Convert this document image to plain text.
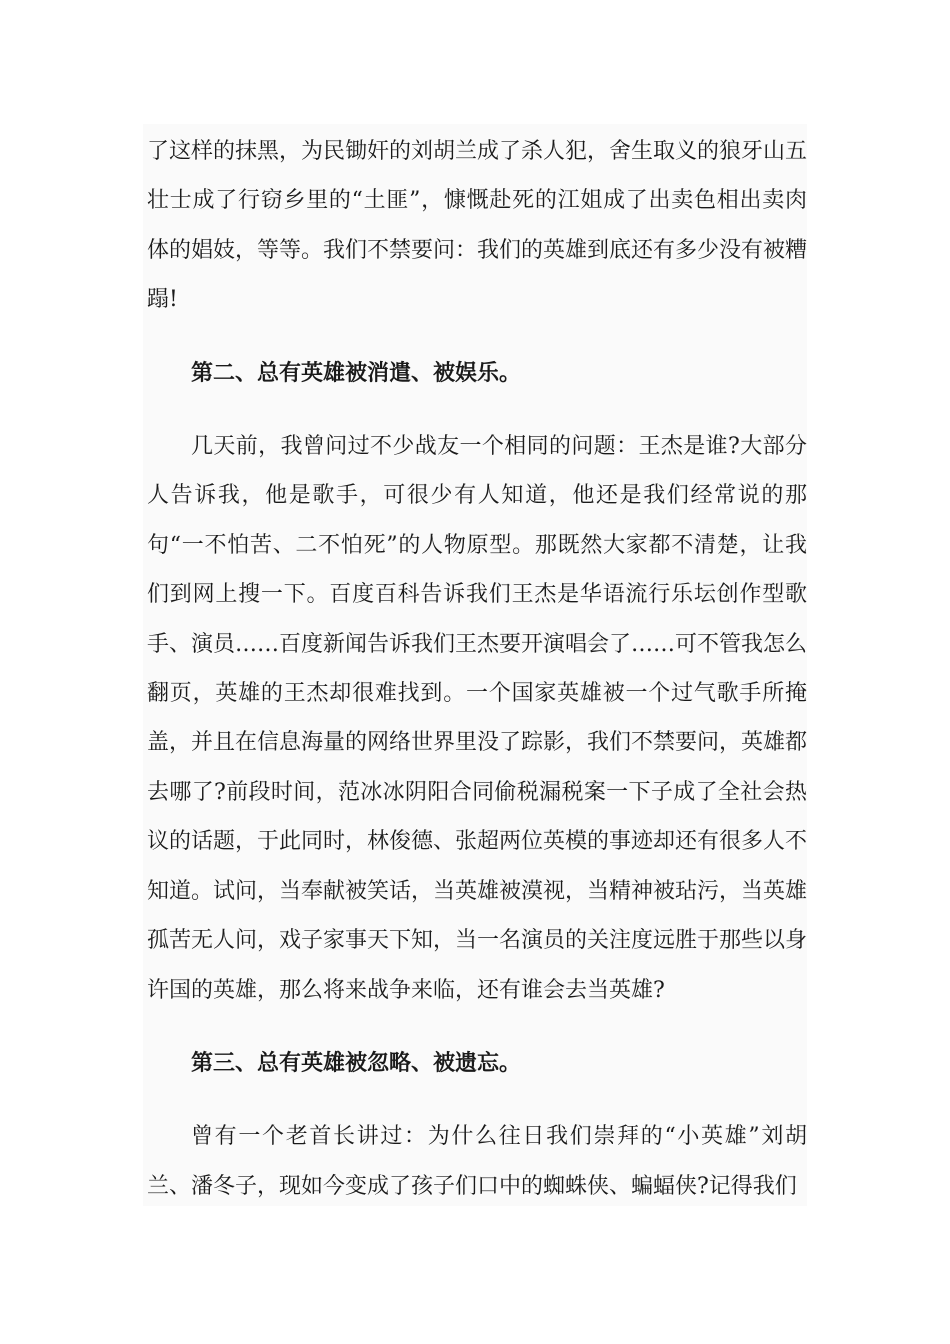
了这样的抹黑，为民锄奸的刘胡兰成了杀人犯，舍生取义的狼牙山五壮士成了行窃乡里的“土匪”，慷慨赴死的江姐成了出卖色相出卖肉体的娼妓，等等。我们不禁要问：我们的英雄到底还有多少没有被糟蹋!

第二、总有英雄被消遣、被娱乐。

几天前，我曾问过不少战友一个相同的问题：王杰是谁?大部分人告诉我，他是歌手，可很少有人知道，他还是我们经常说的那句“一不怕苦、二不怕死”的人物原型。那既然大家都不清楚，让我们到网上搜一下。百度百科告诉我们王杰是华语流行乐坛创作型歌手、演员……百度新闻告诉我们王杰要开演唱会了……可不管我怎么翻页，英雄的王杰却很难找到。一个国家英雄被一个过气歌手所掩盖，并且在信息海量的网络世界里没了踪影，我们不禁要问，英雄都去哪了?前段时间，范冰冰阴阳合同偷税漏税案一下子成了全社会热议的话题，于此同时，林俊德、张超两位英模的事迹却还有很多人不知道。试问，当奉献被笑话，当英雄被漠视，当精神被玷污，当英雄孤苦无人问，戏子家事天下知，当一名演员的关注度远胜于那些以身许国的英雄，那么将来战争来临，还有谁会去当英雄?

第三、总有英雄被忽略、被遗忘。

曾有一个老首长讲过：为什么往日我们崇拜的“小英雄”刘胡兰、潘冬子，现如今变成了孩子们口中的蜘蛛侠、蝙蝠侠?记得我们
